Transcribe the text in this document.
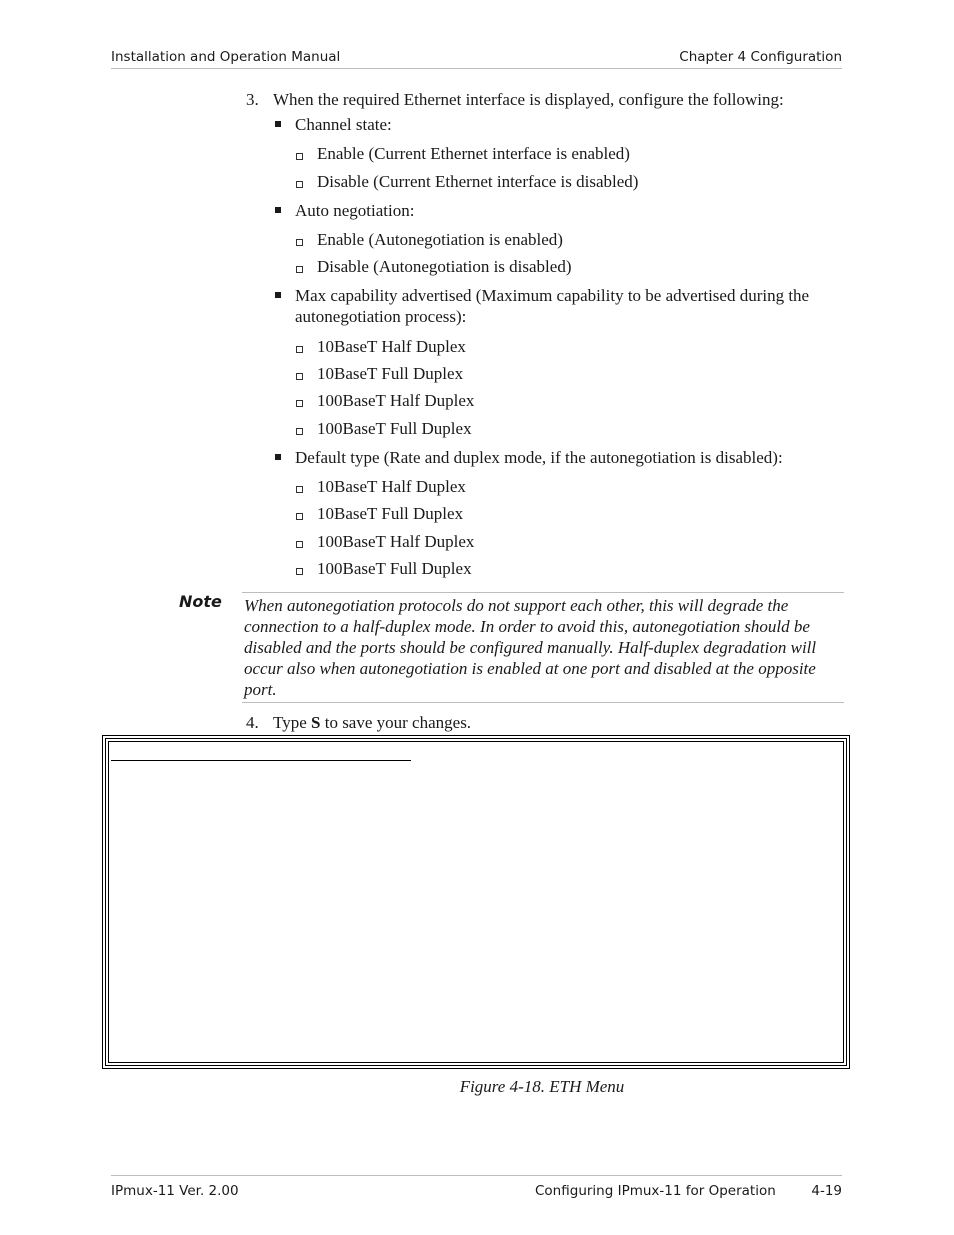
Installation and Operation Manual	Chapter 4 Configuration
3. When the required Ethernet interface is displayed, configure the following:
Channel state:
Enable (Current Ethernet interface is enabled)
Disable (Current Ethernet interface is disabled)
Auto negotiation:
Enable (Autonegotiation is enabled)
Disable (Autonegotiation is disabled)
Max capability advertised (Maximum capability to be advertised during the
autonegotiation process):
10BaseT Half Duplex
10BaseT Full Duplex
100BaseT Half Duplex
100BaseT Full Duplex
Default type (Rate and duplex mode, if the autonegotiation is disabled):
10BaseT Half Duplex
10BaseT Full Duplex
100BaseT Half Duplex
100BaseT Full Duplex
Note When autonegotiation protocols do not support each other, this will degrade the connection to a half-duplex mode. In order to avoid this, autonegotiation should be disabled and the ports should be configured manually. Half-duplex degradation will occur also when autonegotiation is enabled at one port and disabled at the opposite port.
4. Type S to save your changes.
Figure 4-18. ETH Menu
IPmux-11 Ver. 2.00	Configuring IPmux-11 for Operation	4-19
